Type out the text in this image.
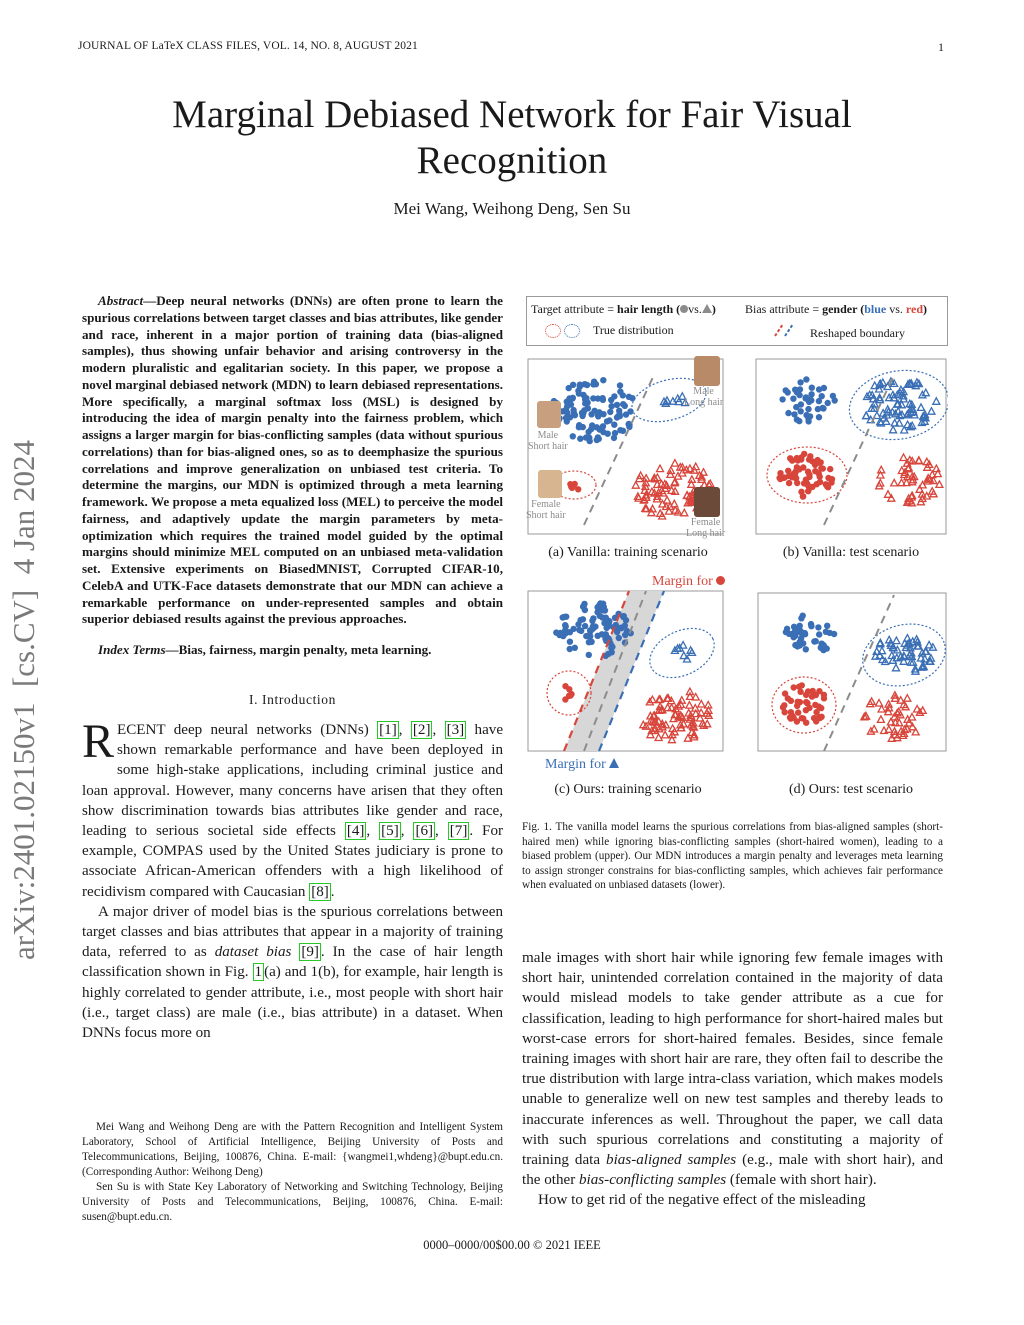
JOURNAL OF LaTeX CLASS FILES, VOL. 14, NO. 8, AUGUST 2021	1
Marginal Debiased Network for Fair Visual Recognition
Mei Wang, Weihong Deng, Sen Su
arXiv:2401.02150v1  [cs.CV]  4 Jan 2024

Abstract—Deep neural networks (DNNs) are often prone to learn the spurious correlations between target classes and bias attributes, like gender and race, inherent in a major portion of training data (bias-aligned samples), thus showing unfair behavior and arising controversy in the modern pluralistic and egalitarian society. In this paper, we propose a novel marginal debiased network (MDN) to learn debiased representations. More specifically, a marginal softmax loss (MSL) is designed by introducing the idea of margin penalty into the fairness problem, which assigns a larger margin for bias-conflicting samples (data without spurious correlations) than for bias-aligned ones, so as to deemphasize the spurious correlations and improve generalization on unbiased test criteria. To determine the margins, our MDN is optimized through a meta learning framework. We propose a meta equalized loss (MEL) to perceive the model fairness, and adaptively update the margin parameters by meta-optimization which requires the trained model guided by the optimal margins should minimize MEL computed on an unbiased meta-validation set. Extensive experiments on BiasedMNIST, Corrupted CIFAR-10, CelebA and UTK-Face datasets demonstrate that our MDN can achieve a remarkable performance on under-represented samples and obtain superior debiased results against the previous approaches.

Index Terms—Bias, fairness, margin penalty, meta learning.
I. Introduction

RECENT deep neural networks (DNNs) [1] , [2] , [3] have shown remarkable performance and have been deployed in some high-stake applications, including criminal justice and loan approval. However, many concerns have arisen that they often show discrimination towards bias attributes like gender and race, leading to serious societal side effects [4] , [5] , [6] , [7] . For example, COMPAS used by the United States judiciary is prone to associate African-American offenders with a high likelihood of recidivism compared with Caucasian [8] .

A major driver of model bias is the spurious correlations between target classes and bias attributes that appear in a majority of training data, referred to as dataset bias [9] . In the case of hair length classification shown in Fig. 1 (a) and 1(b), for example, hair length is highly correlated to gender attribute, i.e., most people with short hair (i.e., target class) are male (i.e., bias attribute) in a dataset. When DNNs focus more on

Mei Wang and Weihong Deng are with the Pattern Recognition and Intelligent System Laboratory, School of Artificial Intelligence, Beijing University of Posts and Telecommunications, Beijing, 100876, China. E-mail: {wangmei1,whdeng}@bupt.edu.cn. (Corresponding Author: Weihong Deng)

Sen Su is with State Key Laboratory of Networking and Switching Technology, Beijing University of Posts and Telecommunications, Beijing, 100876, China. E-mail: susen@bupt.edu.cn.

Target attribute = hair length ( vs. ) Bias attribute = gender (blue vs. red)
True distribution	Reshaped boundary
Male
Long hair
Male
Short hair
Female
Short hair
Female
Long hair
Margin for
Margin for
(a) Vanilla: training scenario	(b) Vanilla: test scenario
(c) Ours: training scenario	(d) Ours: test scenario
Fig. 1. The vanilla model learns the spurious correlations from bias-aligned samples (short-haired men) while ignoring bias-conflicting samples (short-haired women), leading to a biased problem (upper). Our MDN introduces a margin penalty and leverages meta learning to assign stronger constrains for bias-conflicting samples, which achieves fair performance when evaluated on unbiased datasets (lower).

male images with short hair while ignoring few female images with short hair, unintended correlation contained in the majority of data would mislead models to take gender attribute as a cue for classification, leading to high performance for short-haired males but worst-case errors for short-haired females. Besides, since female training images with short hair are rare, they often fail to describe the true distribution with large intra-class variation, which makes models unable to generalize well on new test samples and thereby leads to inaccurate inferences as well. Throughout the paper, we call data with such spurious correlations and constituting a majority of training data bias-aligned samples (e.g., male with short hair), and the other bias-conflicting samples (female with short hair).

How to get rid of the negative effect of the misleading

0000–0000/00$00.00 © 2021 IEEE
